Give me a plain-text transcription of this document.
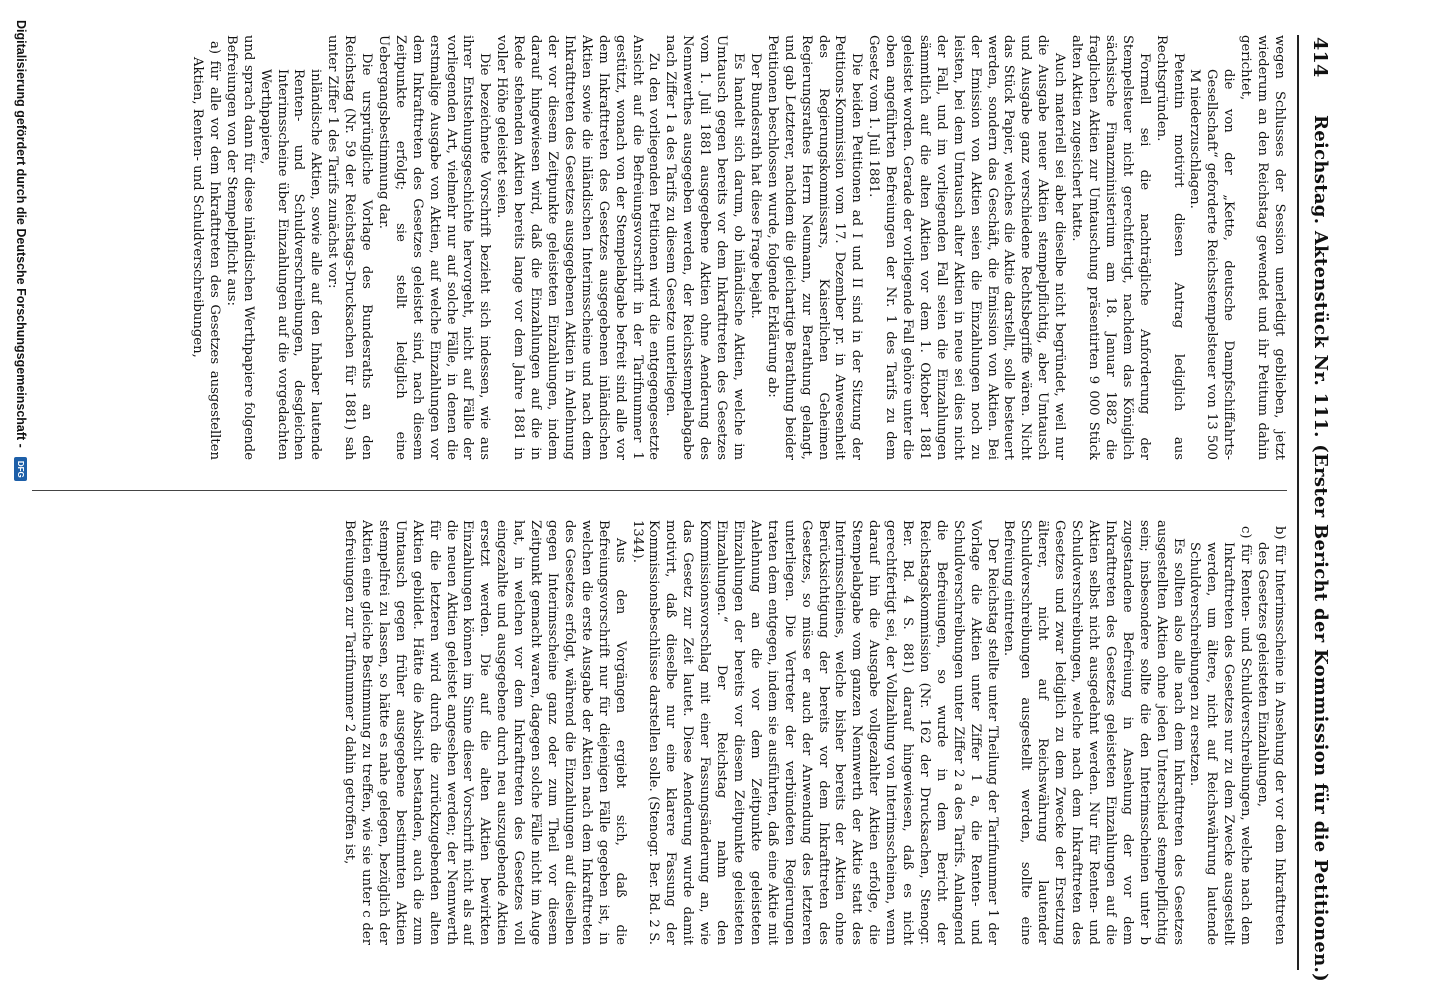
414
Reichstag. Aktenstück Nr. 111. (Erster Bericht der Kommission für die Petitionen.)

wegen Schlusses der Session unerledigt geblieben, jetzt wiederum an den Reichstag gewendet und ihr Petitum dahin gerichtet,

die von der „Kette, deutsche Dampfschiffahrts-Gesellschaft“ geforderte Reichsstempelsteuer von 13 500 M niederzuschlagen.

Petentin motivirt diesen Antrag lediglich aus Rechtsgründen.

Formell sei die nachträgliche Anforderung der Stempelsteuer nicht gerechtfertigt, nachdem das Königlich sächsische Finanzministerium am 18. Januar 1882 die fraglichen Aktien zur Umtauschung präsentirten 9 000 Stück alten Aktien zugesichert hatte.

Auch materiell sei aber dieselbe nicht begründet, weil nur die Ausgabe neuer Aktien stempelpflichtig, aber Umtausch und Ausgabe ganz verschiedene Rechtsbegriffe wären. Nicht das Stück Papier, welches die Aktie darstellt, solle besteuert werden, sondern das Geschäft, die Emission von Aktien. Bei der Emission von Aktien seien die Einzahlungen noch zu leisten, bei dem Umtausch alter Aktien in neue sei dies nicht der Fall, und im vorliegenden Fall seien die Einzahlungen sämmtlich auf die alten Aktien vor dem 1. Oktober 1881 geleistet worden. Gerade der vorliegende Fall gehöre unter die oben angeführten Befreiungen der Nr. 1 des Tarifs zu dem Gesetz vom 1. Juli 1881.

Die beiden Petitionen ad I und II sind in der Sitzung der Petitions-Kommission vom 17. Dezember pr. in Anwesenheit des Regierungskommissars, Kaiserlichen Geheimen Regierungsrathes Herrn Neumann, zur Berathung gelangt, und gab Letzterer, nachdem die gleichartige Berathung beider Petitionen beschlossen wurde, folgende Erklärung ab:

Der Bundesrath hat diese Frage bejaht.

Es handelt sich darum, ob inländische Aktien, welche im Umtausch gegen bereits vor dem Inkrafttreten des Gesetzes vom 1. Juli 1881 ausgegebene Aktien ohne Aenderung des Nennwerthes ausgegeben werden, der Reichsstempelabgabe nach Ziffer 1 a des Tarifs zu diesem Gesetze unterliegen.

Zu den vorliegenden Petitionen wird die entgegengesetzte Ansicht auf die Befreiungsvorschrift in der Tarifnummer 1 gestützt, wonach von der Stempelabgabe befreit sind alle vor dem Inkrafttreten des Gesetzes ausgegebenen inländischen Aktien sowie die inländischen Interimsscheine und nach dem Inkrafttreten des Gesetzes ausgegebenen Aktien in Anlehnung der vor diesem Zeitpunkte geleisteten Einzahlungen, indem darauf hingewiesen wird, daß die Einzahlungen auf die in Rede stehenden Aktien bereits lange vor dem Jahre 1881 in voller Höhe geleistet seien.

Die bezeichnete Vorschrift bezieht sich indessen, wie aus ihrer Entstehungsgeschichte hervorgeht, nicht auf Fälle der vorliegenden Art, vielmehr nur auf solche Fälle, in denen die erstmalige Ausgabe von Aktien, auf welche Einzahlungen vor dem Inkrafttreten des Gesetzes geleistet sind, nach diesem Zeitpunkte erfolgt; sie stellt lediglich eine Uebergangsbestimmung dar.

Die ursprüngliche Vorlage des Bundesraths an den Reichstag (Nr. 59 der Reichstags-Drucksachen für 1881) sah unter Ziffer 1 des Tarifs zunächst vor:

inländische Aktien, sowie alle auf den Inhaber lautende Renten- und Schuldverschreibungen, desgleichen Interimsscheine über Einzahlungen auf die vorgedachten Werthpapiere,

und sprach dann für diese inländischen Werthpapiere folgende Befreiungen von der Stempelpflicht aus:

a) für alle vor dem Inkrafttreten des Gesetzes ausgestellten Aktien, Renten- und Schuldverschreibungen,

b) für Interimsscheine in Ansehung der vor dem Inkrafttreten des Gesetzes geleisteten Einzahlungen,

c) für Renten- und Schuldverschreibungen, welche nach dem Inkrafttreten des Gesetzes nur zu dem Zwecke ausgestellt werden, um ältere, nicht auf Reichswährung lautende Schuldverschreibungen zu ersetzen.

Es sollten also alle nach dem Inkrafttreten des Gesetzes ausgestellten Aktien ohne jeden Unterschied stempelpflichtig sein; insbesondere sollte die den Interimsscheinen unter b zugestandene Befreiung in Ansehung der vor dem Inkrafttreten des Gesetzes geleisteten Einzahlungen auf die Aktien selbst nicht ausgedehnt werden. Nur für Renten- und Schuldverschreibungen, welche nach dem Inkrafttreten des Gesetzes und zwar lediglich zu dem Zwecke der Ersetzung älterer, nicht auf Reichswährung lautender Schuldverschreibungen ausgestellt werden, sollte eine Befreiung eintreten.

Der Reichstag stellte unter Theilung der Tarifnummer 1 der Vorlage die Aktien unter Ziffer 1 a, die Renten- und Schuldverschreibungen unter Ziffer 2 a des Tarifs. Anlangend die Befreiungen, so wurde in dem Bericht der Reichstagskommission (Nr. 162 der Drucksachen, Stenogr. Ber. Bd. 4 S. 881) darauf hingewiesen, daß es nicht gerechtfertigt sei, der Vollzahlung von Interimsscheinen, wenn darauf hin die Ausgabe vollgezahlter Aktien erfolge, die Stempelabgabe vom ganzen Nennwerth der Aktie statt des Interimsscheines, welche bisher bereits der Aktien ohne Berücksichtigung der bereits vor dem Inkrafttreten des Gesetzes, so müsse er auch der Anwendung des letzteren unterliegen. Die Vertreter der verbündeten Regierungen traten dem entgegen, indem sie ausführten, daß eine Aktie mit Anlehnung an die vor dem Zeitpunkte geleisteten Einzahlungen der bereits vor diesem Zeitpunkte geleisteten Einzahlungen.“ Der Reichstag nahm den Kommissionsvorschlag mit einer Fassungsänderung an, wie das Gesetz zur Zeit lautet. Diese Aenderung wurde damit motivirt, daß dieselbe nur eine klarere Fassung der Kommissionsbeschlüsse darstellen solle. (Stenogr. Ber. Bd. 2 S. 1344).

Aus den Vorgängen ergiebt sich, daß die Befreiungsvorschrift nur für diejenigen Fälle gegeben ist, in welchen die erste Ausgabe der Aktien nach dem Inkrafttreten des Gesetzes erfolgt, während die Einzahlungen auf dieselben gegen Interimsscheine ganz oder zum Theil vor diesem Zeitpunkt gemacht waren, dagegen solche Fälle nicht im Auge hat, in welchen vor dem Inkrafttreten des Gesetzes voll eingezahlte und ausgegebene durch neu auszugebende Aktien ersetzt werden. Die auf die alten Aktien bewirkten Einzahlungen können im Sinne dieser Vorschrift nicht als auf die neuen Aktien geleistet angesehen werden; der Nennwerth für die letzteren wird durch die zurückzugebenden alten Aktien gebildet. Hätte die Absicht bestanden, auch die zum Umtausch gegen früher ausgegebene bestimmten Aktien stempelfrei zu lassen, so hätte es nahe gelegen, bezüglich der Aktien eine gleiche Bestimmung zu treffen, wie sie unter c der Befreiungen zur Tarifnummer 2 dahin getroffen ist,

Digitalisierung gefördert durch die Deutsche Forschungsgemeinschaft - DFG
